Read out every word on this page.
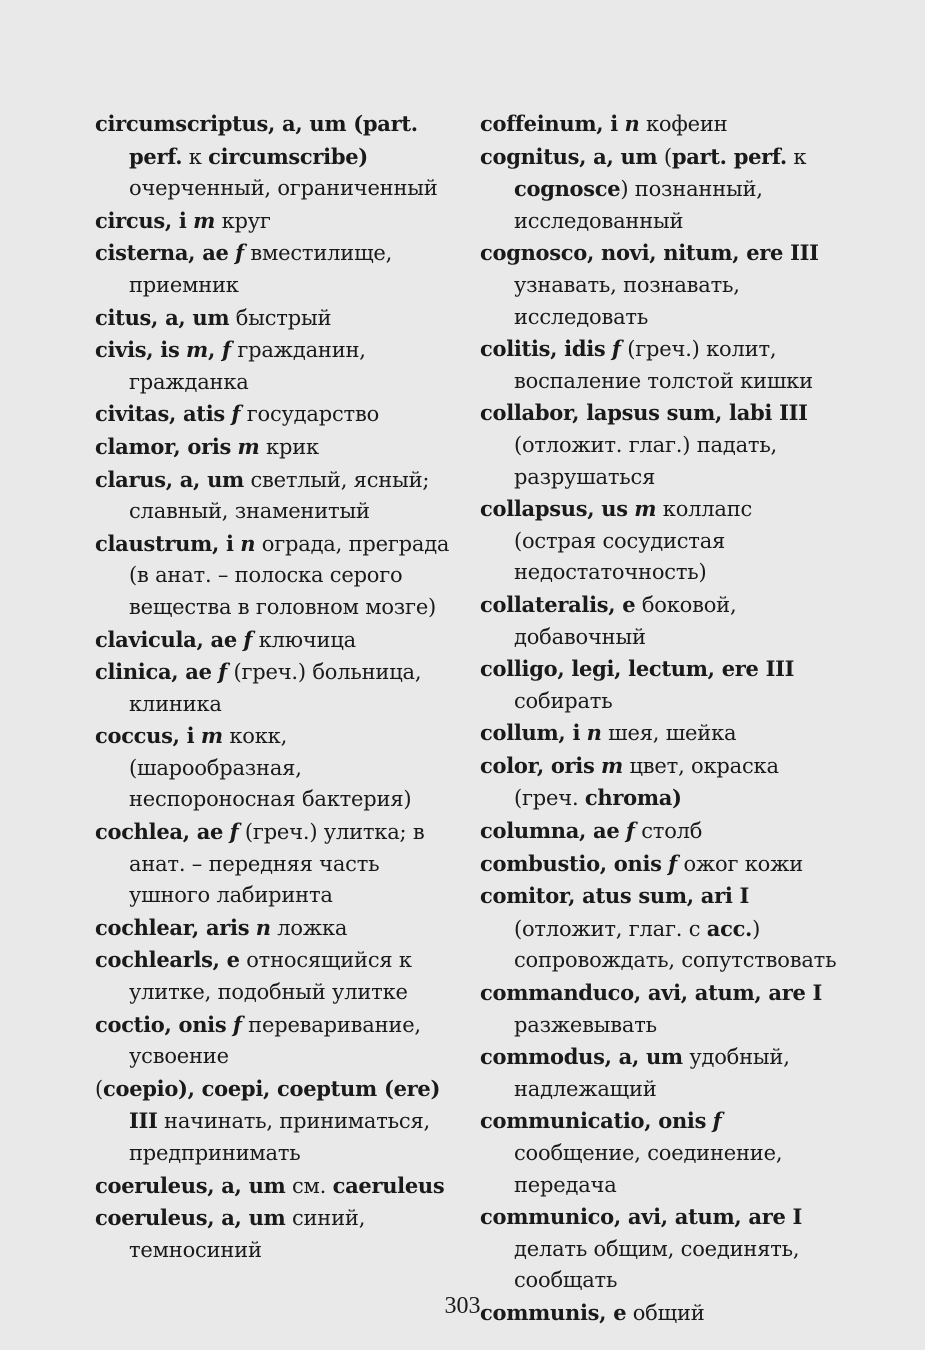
circumscriptus, a, um (part. perf. к circumscribe) очерченный, ограниченный

circus, i m круг

cisterna, ae f вместилище, приемник

citus, a, um быстрый

civis, is m, f гражданин, гражданка

civitas, atis f государство

clamor, oris m крик

clarus, a, um светлый, ясный; славный, знаменитый

claustrum, i n ограда, преграда (в анат. – полоска серого вещества в головном мозге)

clavicula, ae f ключица

clinica, ae f (греч.) больница, клиника

coccus, i m кокк, (шарообразная, неспороносная бактерия)

cochlea, ae f (греч.) улитка; в анат. – передняя часть ушного лабиринта

cochlear, aris n ложка

cochlearls, e относящийся к улитке, подобный улитке

coctio, onis f переваривание, усвоение

(coepio), coepi, coeptum (ere) III начинать, приниматься, предпринимать

coeruleus, a, um см. caeruleus

coeruleus, a, um синий, темносиний

coffeinum, i n кофеин

cognitus, a, um (part. perf. к cognosce) познанный, исследованный

cognosco, novi, nitum, ere III узнавать, познавать, исследовать

colitis, idis f (греч.) колит, воспаление толстой кишки

collabor, lapsus sum, labi III (отложит. глаг.) падать, разрушаться

collapsus, us m коллапс (острая сосудистая недостаточность)

collateralis, e боковой, добавочный

colligo, legi, lectum, ere III собирать

collum, i n шея, шейка

color, oris m цвет, окраска (греч. chroma)

columna, ae f столб

combustio, onis f ожог кожи

comitor, atus sum, ari I (отложит, глаг. с acc.) сопровождать, сопутствовать

commanduco, avi, atum, are I разжевывать

commodus, a, um удобный, надлежащий

communicatio, onis f сообщение, соединение, передача

communico, avi, atum, are I делать общим, соединять, сообщать

communis, e общий

303
